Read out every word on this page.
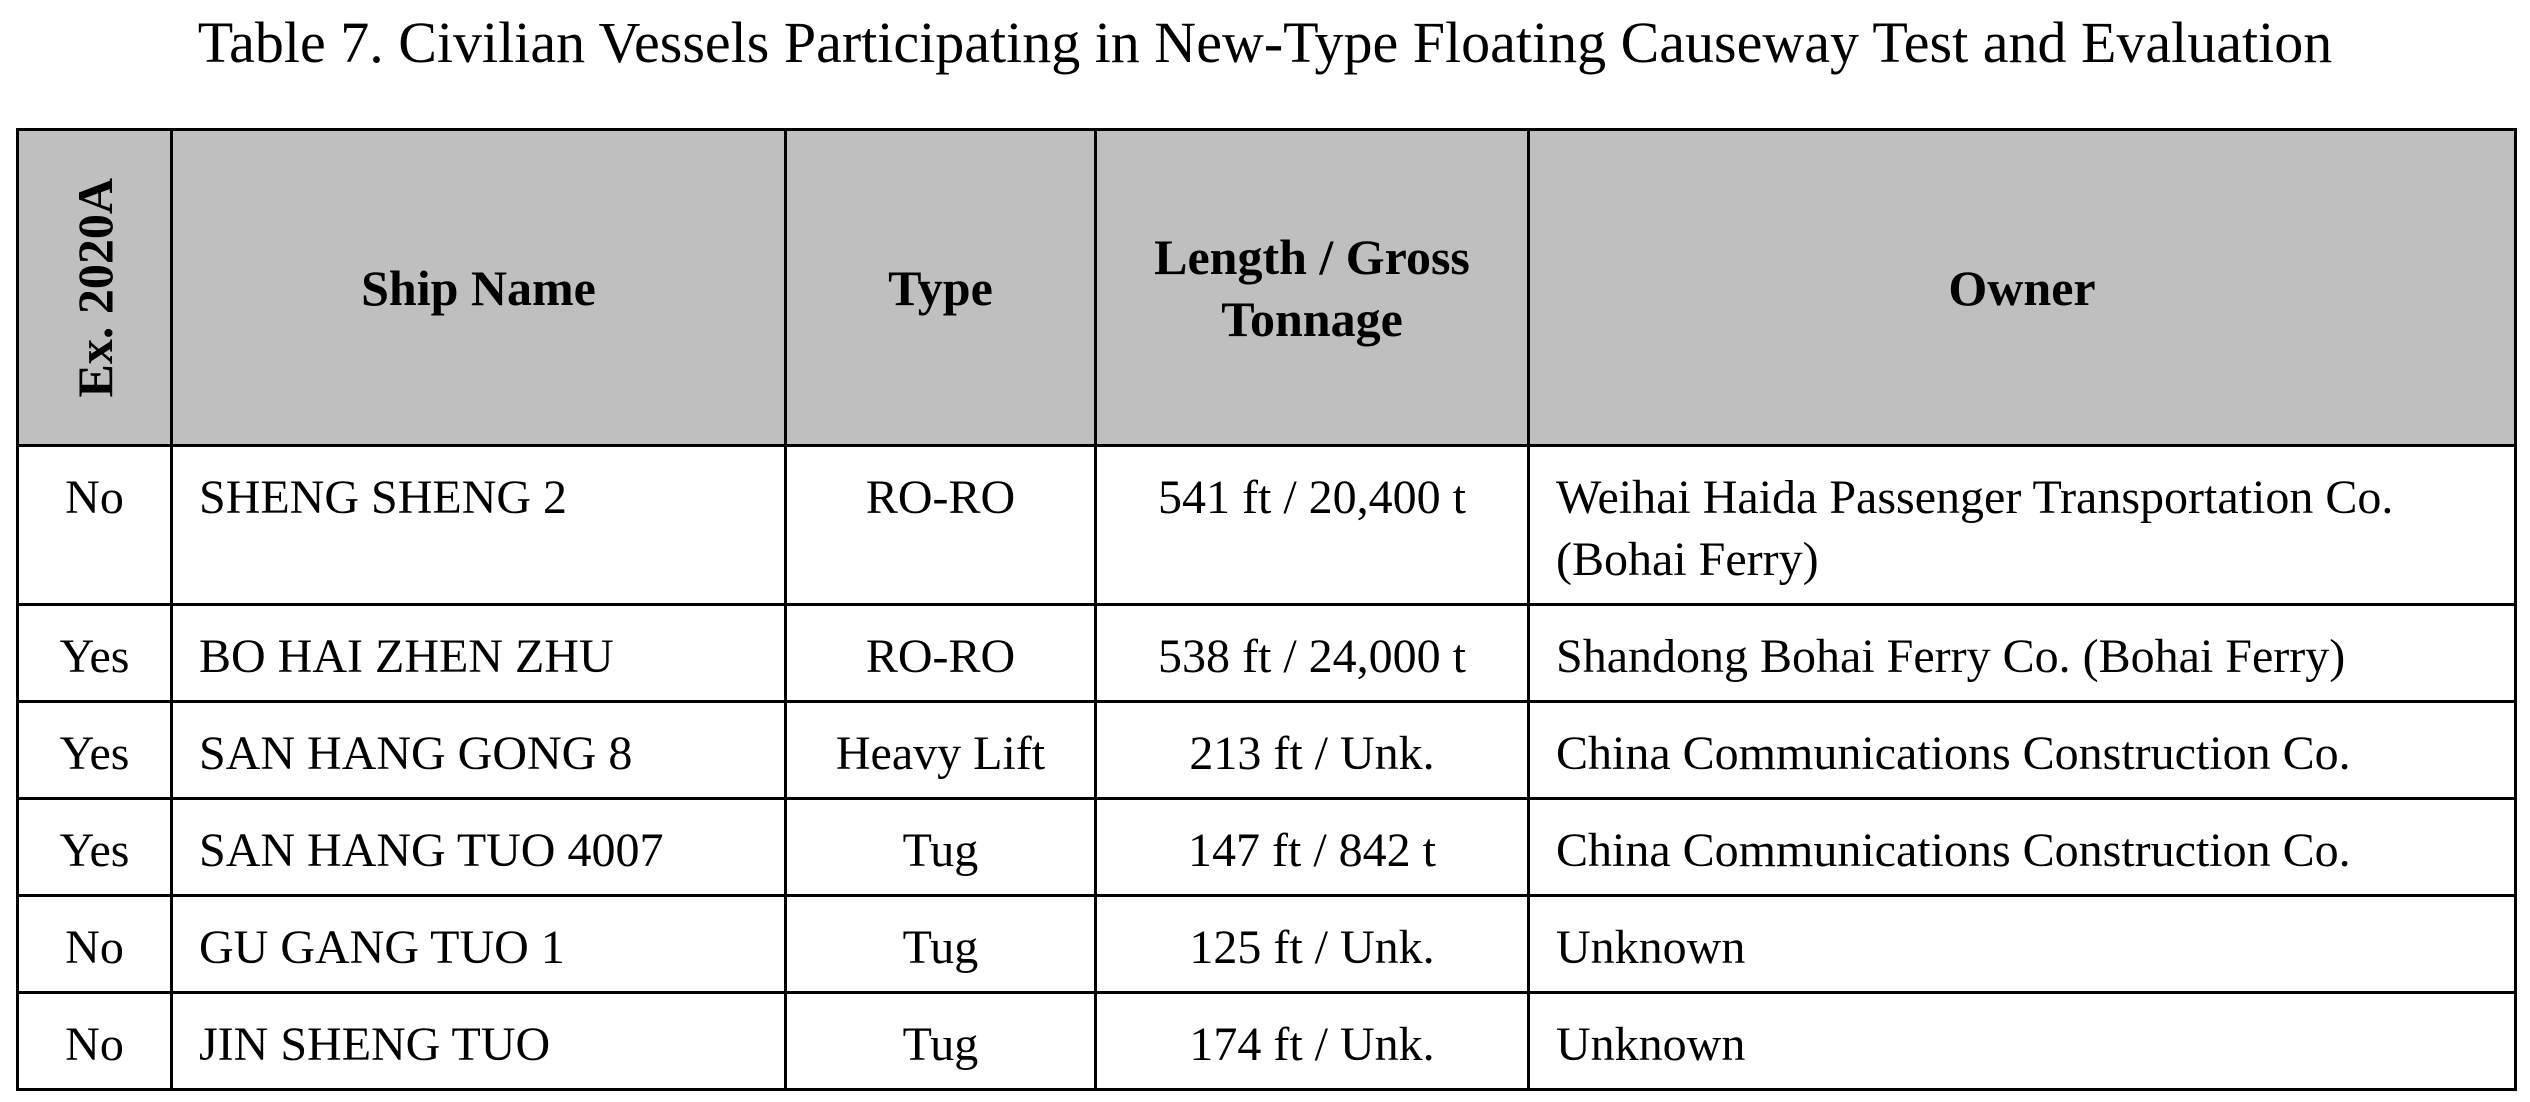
Table 7. Civilian Vessels Participating in New-Type Floating Causeway Test and Evaluation
Ex. 2020A	Ship Name	Type	Length / Gross Tonnage	Owner
No	SHENG SHENG 2	RO-RO	541 ft / 20,400 t	Weihai Haida Passenger Transportation Co. (Bohai Ferry)
Yes	BO HAI ZHEN ZHU	RO-RO	538 ft / 24,000 t	Shandong Bohai Ferry Co. (Bohai Ferry)
Yes	SAN HANG GONG 8	Heavy Lift	213 ft / Unk.	China Communications Construction Co.
Yes	SAN HANG TUO 4007	Tug	147 ft / 842 t	China Communications Construction Co.
No	GU GANG TUO 1	Tug	125 ft / Unk.	Unknown
No	JIN SHENG TUO	Tug	174 ft / Unk.	Unknown
